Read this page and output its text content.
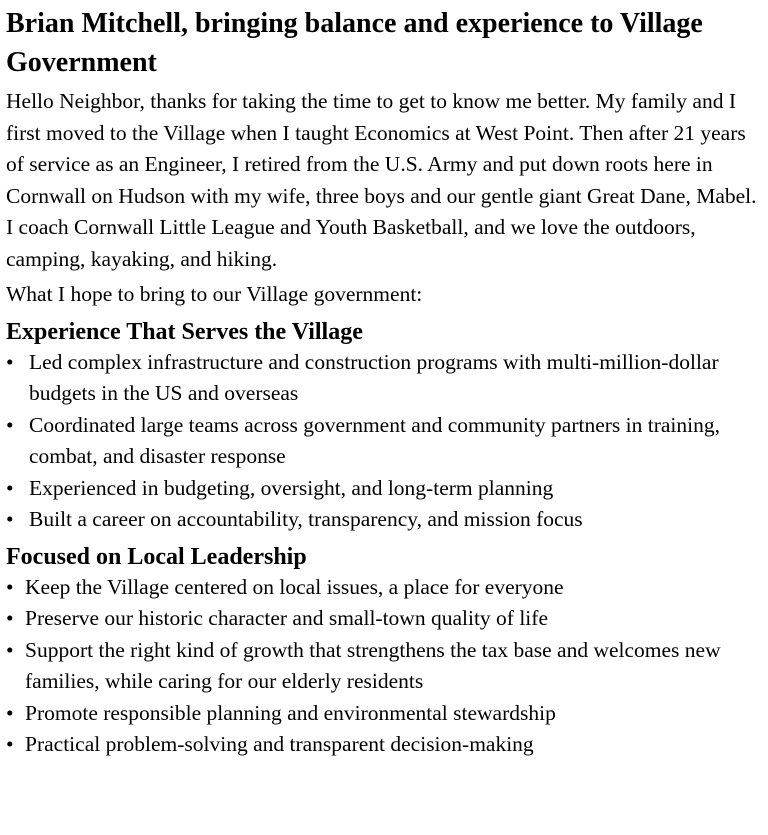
Brian Mitchell, bringing balance and experience to Village Government

Hello Neighbor, thanks for taking the time to get to know me better. My family and I first moved to the Village when I taught Economics at West Point. Then after 21 years of service as an Engineer, I retired from the U.S. Army and put down roots here in Cornwall on Hudson with my wife, three boys and our gentle giant Great Dane, Mabel. I coach Cornwall Little League and Youth Basketball, and we love the outdoors, camping, kayaking, and hiking.

What I hope to bring to our Village government:

Experience That Serves the Village
• Led complex infrastructure and construction programs with multi-million-dollar budgets in the US and overseas
• Coordinated large teams across government and community partners in training, combat, and disaster response
• Experienced in budgeting, oversight, and long-term planning
• Built a career on accountability, transparency, and mission focus
Focused on Local Leadership
• Keep the Village centered on local issues, a place for everyone
• Preserve our historic character and small-town quality of life
• Support the right kind of growth that strengthens the tax base and welcomes new families, while caring for our elderly residents
• Promote responsible planning and environmental stewardship
• Practical problem-solving and transparent decision-making
